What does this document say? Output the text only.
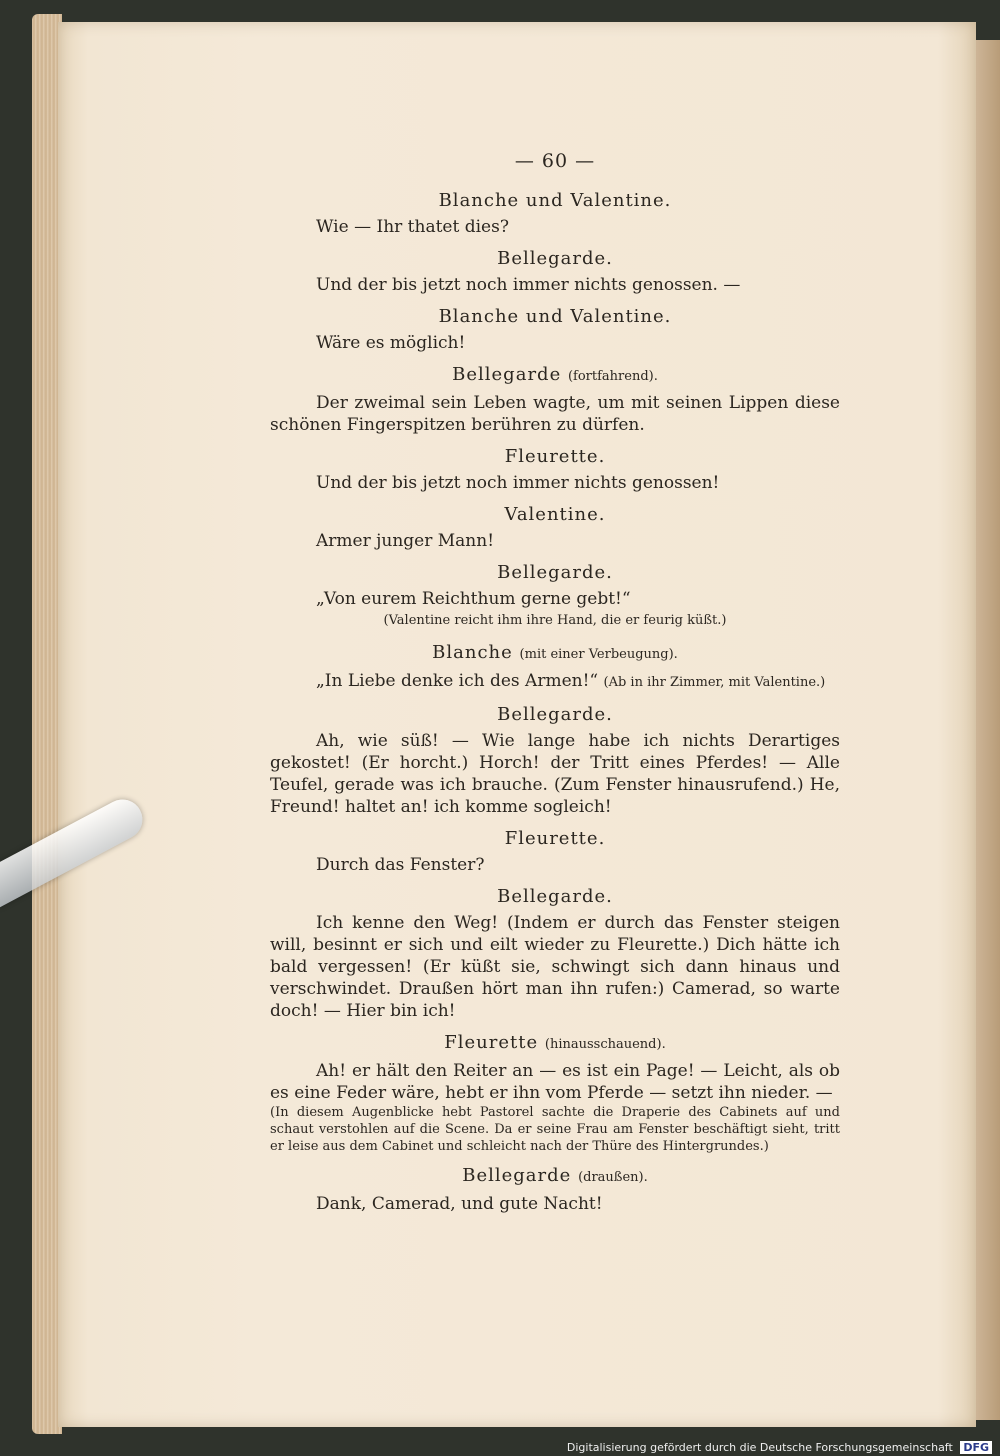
— 60 —
Blanche und Valentine.
Wie — Ihr thatet dies?
Bellegarde.
Und der bis jetzt noch immer nichts genossen. —
Blanche und Valentine.
Wäre es möglich!
Bellegarde (fortfahrend).
Der zweimal sein Leben wagte, um mit seinen Lippen diese schönen Fingerspitzen berühren zu dürfen.
Fleurette.
Und der bis jetzt noch immer nichts genossen!
Valentine.
Armer junger Mann!
Bellegarde.
„Von eurem Reichthum gerne gebt!“
(Valentine reicht ihm ihre Hand, die er feurig küßt.)
Blanche (mit einer Verbeugung).
„In Liebe denke ich des Armen!“ (Ab in ihr Zimmer, mit Valentine.)
Bellegarde.
Ah, wie süß! — Wie lange habe ich nichts Derartiges gekostet! (Er horcht.) Horch! der Tritt eines Pferdes! — Alle Teufel, gerade was ich brauche. (Zum Fenster hinausrufend.) He, Freund! haltet an! ich komme sogleich!
Fleurette.
Durch das Fenster?
Bellegarde.
Ich kenne den Weg! (Indem er durch das Fenster steigen will, besinnt er sich und eilt wieder zu Fleurette.) Dich hätte ich bald vergessen! (Er küßt sie, schwingt sich dann hinaus und verschwindet. Draußen hört man ihn rufen:) Camerad, so warte doch! — Hier bin ich!
Fleurette (hinausschauend).
Ah! er hält den Reiter an — es ist ein Page! — Leicht, als ob es eine Feder wäre, hebt er ihn vom Pferde — setzt ihn nieder. —
(In diesem Augenblicke hebt Pastorel sachte die Draperie des Cabinets auf und schaut verstohlen auf die Scene. Da er seine Frau am Fenster beschäftigt sieht, tritt er leise aus dem Cabinet und schleicht nach der Thüre des Hintergrundes.)
Bellegarde (draußen).
Dank, Camerad, und gute Nacht!
Digitalisierung gefördert durch die Deutsche Forschungsgemeinschaft DFG
